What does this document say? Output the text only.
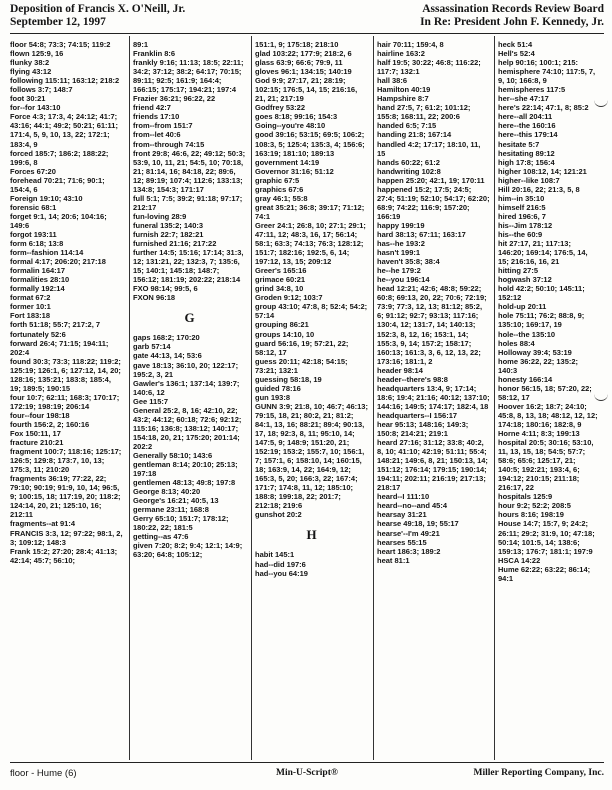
Deposition of Francis X. O'Neill, Jr.
September 12, 1997
Assassination Records Review Board
In Re: President John F. Kennedy, Jr.
floor 54:8; 73:3; 74:15; 119:2
flown 125:9, 16
flunky 38:2
flying 43:12
following 115:11; 163:12; 218:2
follows 3:7; 148:7
foot 30:21
for--for 143:10
Force 4:3; 17:3, 4; 24:12; 41:7; 43:16; 44:1; 49:2; 50:21; 61:11; 171:4, 5, 9, 10, 13, 22; 172:1; 183:4, 9
forced 185:7; 186:2; 188:22; 199:6, 8
Forces 67:20
forehead 70:21; 71:6; 90:1; 154:4, 6
Foreign 19:10; 43:10
forensic 68:1
forget 9:1, 14; 20:6; 104:16; 149:6
forgot 193:11
form 6:18; 13:8
form--fashion 114:14
formal 4:17; 206:20; 217:18
formalin 164:17
formalities 28:10
formally 192:14
format 67:2
former 10:1
Fort 183:18
forth 51:18; 55:7; 217:2, 7
fortunately 52:6
forward 26:4; 71:15; 194:11; 202:4
found 30:3; 73:3; 118:22; 119:2; 125:19; 126:1, 6; 127:12, 14, 20; 128:16; 135:21; 183:8; 185:4, 19; 189:5; 190:15
four 10:7; 62:11; 168:3; 170:17; 172:19; 198:19; 206:14
four--four 198:18
fourth 156:2, 2; 160:16
Fox 150:11, 17
fracture 210:21
fragment 100:7; 118:16; 125:17; 126:5; 129:8; 173:7, 10, 13; 175:3, 11; 210:20
fragments 36:19; 77:22, 22; 79:10; 90:19; 91:9, 10, 14; 96:5, 9; 100:15, 18; 117:19, 20; 118:2; 124:14, 20, 21; 125:10, 16; 212:11
fragments--at 91:4
FRANCIS 3:3, 12; 97:22; 98:1, 2, 3; 109:12; 148:3
Frank 15:2; 27:20; 28:4; 41:13; 42:14; 45:7; 56:10;
89:1
Franklin 8:6
frankly 9:16; 11:13; 18:5; 22:11; 34:2; 37:12; 38:2; 64:17; 70:15; 89:11; 92:5; 161:9; 164:4; 166:15; 175:17; 194:21; 197:4
Frazier 36:21; 96:22, 22
friend 42:7
friends 17:10
from--from 151:7
from--let 40:6
from--through 74:15
front 29:8; 46:6, 22; 49:12; 50:3; 53:9, 10, 11, 21; 54:5, 10; 70:18, 21; 81:14, 16; 84:18, 22; 89:6, 12; 89:19; 107:4; 112:6; 133:13; 134:8; 154:3; 171:17
full 5:1; 7:5; 39:2; 91:18; 97:17; 212:17
fun-loving 28:9
funeral 135:2; 140:3
furnish 22:7; 182:21
furnished 21:16; 217:22
further 14:5; 15:16; 17:14; 31:3, 12; 131:21, 22; 132:3, 7; 135:6, 15; 140:1; 145:18; 148:7; 156:12; 181:19; 202:22; 218:14
FXO 98:14; 99:5, 6
FXON 96:18
G
gaps 168:2; 170:20
garb 57:14
gate 44:13, 14; 53:6
gave 18:13; 36:10, 20; 122:17; 195:2, 3, 21
Gawler's 136:1; 137:14; 139:7; 140:6, 12
Gee 115:7
General 25:2, 8, 16; 42:10, 22; 43:2; 44:12; 60:18; 72:6; 92:12; 115:16; 136:8; 138:12; 140:17; 154:18, 20, 21; 175:20; 201:14; 202:2
Generally 58:10; 143:6
gentleman 8:14; 20:10; 25:13; 197:18
gentlemen 48:13; 49:8; 197:8
George 8:13; 40:20
George's 16:21; 40:5, 13
germane 23:11; 168:8
Gerry 65:10; 151:7; 178:12; 180:22, 22; 181:5
getting--as 47:6
given 7:20; 8:2; 9:4; 12:1; 14:9; 63:20; 64:8; 105:12;
151:1, 9; 175:18; 218:10
glad 103:22; 177:9; 218:2, 6
glass 63:9; 66:6; 79:9, 11
gloves 96:1; 134:15; 140:19
God 9:9; 27:17, 21; 28:19; 102:15; 176:5, 14, 15; 216:16, 21, 21; 217:19
Godfrey 53:22
goes 8:18; 99:16; 154:3
Going--you're 48:10
good 39:16; 53:15; 69:5; 106:2; 108:3, 5; 125:4; 135:3, 4; 156:6; 163:19; 181:10; 189:13
government 14:19
Governor 31:16; 51:12
graphic 67:5
graphics 67:6
gray 46:1; 55:8
great 35:21; 36:8; 39:17; 71:12; 74:1
Greer 24:1; 26:8, 10; 27:1; 29:1; 47:11, 12; 48:3, 16, 17; 56:14; 58:1; 63:3; 74:13; 76:3; 128:12; 151:7; 182:16; 192:5, 6, 14; 197:12, 13, 15; 209:12
Greer's 165:16
grimace 60:21
grind 34:8, 10
Groden 9:12; 103:7
group 43:10; 47:8, 8; 52:4; 54:2; 57:14
grouping 86:21
groups 14:10, 10
guard 56:16, 19; 57:21, 22; 58:12, 17
guess 20:11; 42:18; 54:15; 73:21; 132:1
guessing 58:18, 19
guided 78:16
gun 193:8
GUNN 3:9; 21:8, 10; 46:7; 46:13; 79:15, 18, 21; 80:2, 21; 81:2; 84:1, 13, 16; 88:21; 89:4; 90:13, 17, 18; 92:3, 8, 11; 95:10, 14; 147:5, 9; 148:9; 151:20, 21; 152:19; 153:2; 155:7, 10; 156:1, 7; 157:1, 6; 158:10, 14; 160:15, 18; 163:9, 14, 22; 164:9, 12; 165:3, 5, 20; 166:3, 22; 167:4; 171:7; 174:8, 11, 12; 185:10; 188:8; 199:18, 22; 201:7; 212:18; 219:6
gunshot 20:2
H
habit 145:1
had--did 197:6
had--you 64:19
hair 70:11; 159:4, 8
hairline 163:2
half 19:5; 30:22; 46:8; 116:22; 117:7; 132:1
hall 38:6
Hamilton 40:19
Hampshire 8:7
hand 27:5, 7; 61:2; 101:12; 155:8; 168:11, 22; 200:6
handed 6:5; 7:15
handing 21:8; 167:14
handled 4:2; 17:17; 18:10, 11, 15
hands 60:22; 61:2
handwriting 102:8
happen 25:20; 42:1, 19; 170:11
happened 15:2; 17:5; 24:5; 27:4; 51:19; 52:10; 54:17; 62:20; 68:9; 74:22; 116:9; 157:20; 166:19
happy 199:19
hard 38:13; 67:11; 163:17
has--he 193:2
hasn't 199:1
haven't 35:8; 38:4
he--he 179:2
he--you 196:14
head 12:21; 42:6; 48:8; 59:22; 60:8; 69:13, 20, 22; 70:6; 72:19; 73:9; 77:3, 12, 13; 81:12; 85:2, 6; 91:12; 92:7; 93:13; 117:16; 130:4, 12; 131:7, 14; 140:13; 152:3, 8, 12, 16; 153:1, 14; 155:3, 9, 14; 157:2; 158:17; 160:13; 161:3, 3, 6, 12, 13, 22; 173:16; 181:1, 2
header 98:14
header--there's 98:8
headquarters 13:4, 9; 17:14; 18:6; 19:4; 21:16; 40:12; 137:10; 144:16; 149:5; 174:17; 182:4, 18
headquarters--I 156:17
hear 95:13; 148:16; 149:3; 150:8; 214:21; 219:1
heard 27:16; 31:12; 33:8; 40:2, 8, 10; 41:10; 42:19; 51:11; 55:4; 148:21; 149:6, 8, 21; 150:13, 14; 151:12; 176:14; 179:15; 190:14; 194:11; 202:11; 216:19; 217:13; 218:17
heard--I 111:10
heard--no--and 45:4
hearsay 31:21
hearse 49:18, 19; 55:17
hearse'--I'm 49:21
hearses 55:15
heart 186:3; 189:2
heat 81:1
heck 51:4
Hell's 52:4
help 90:16; 100:1; 215:
hemisphere 74:10; 117:5, 7, 9, 10; 166:8, 9
hemispheres 117:5
her--she 47:17
here's 22:14; 47:1, 8; 85:2
here--all 204:11
here--the 160:16
here--this 179:14
hesitate 5:7
hesitating 89:12
high 17:8; 156:4
higher 108:12, 14; 121:21
higher--like 108:7
Hill 20:16, 22; 21:3, 5, 8
him--in 35:10
himself 216:5
hired 196:6, 7
his--Jim 178:12
his--the 60:9
hit 27:17, 21; 117:13; 146:20; 169:14; 176:5, 14, 15; 216:16, 16, 21
hitting 27:5
hogwash 37:12
hold 42:2; 50:10; 145:11; 152:12
hold-up 20:11
hole 75:11; 76:2; 88:8, 9; 135:10; 169:17, 19
hole--the 135:10
holes 88:4
Holloway 39:4; 53:19
home 36:22, 22; 135:2; 140:3
honesty 166:14
honor 56:15, 18; 57:20, 22; 58:12, 17
Hoover 16:2; 18:7; 24:10; 45:8, 8, 13, 18; 48:12, 12, 12; 174:18; 180:16; 182:8, 9
Horne 4:11; 8:3; 199:13
hospital 20:5; 30:16; 53:10, 11, 13, 15, 18; 54:5; 57:7; 58:6; 65:6; 125:17, 21; 140:5; 192:21; 193:4, 6; 194:12; 210:15; 211:18; 216:17, 22
hospitals 125:9
hour 9:2; 52:2; 208:5
hours 8:16; 198:19
House 14:7; 15:7, 9; 24:2; 26:11; 29:2; 31:9, 10; 47:18; 50:14; 101:5, 14; 138:6; 159:13; 176:7; 181:1; 197:9
HSCA 14:22
Hume 62:22; 63:22; 86:14; 94:1
floor - Hume (6)	Min-U-Script®	Miller Reporting Company, Inc.
